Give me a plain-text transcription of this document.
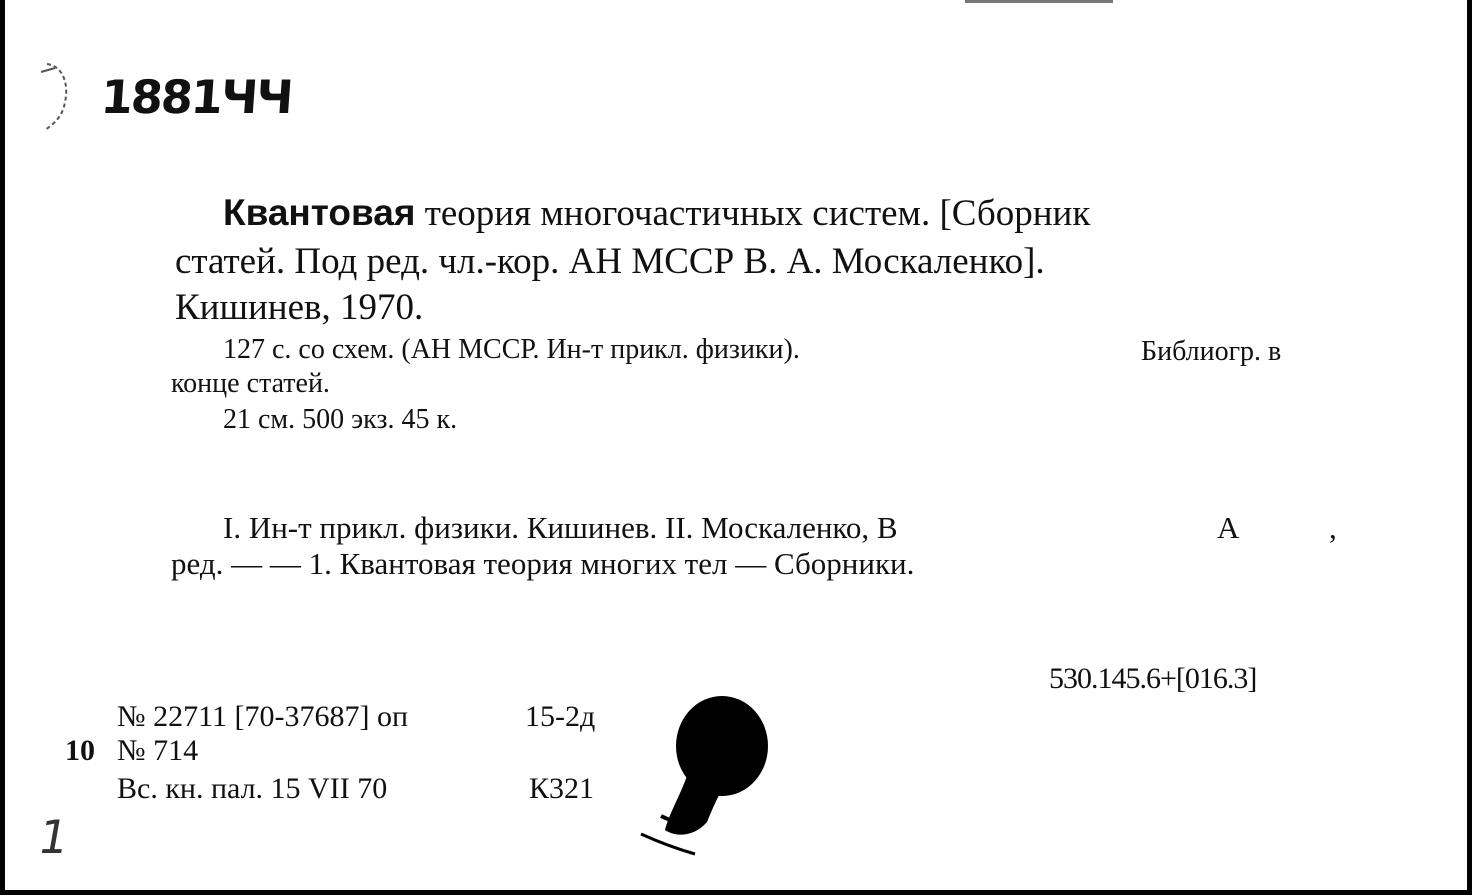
1881ЧЧ

Квантовая теория многочастичных систем. [Сборник

статей. Под ред. чл.-кор. АН МССР В. А. Москаленко].

Кишинев, 1970.

127 с. со схем. (АН МССР. Ин-т прикл. физики).	Библиогр. в

конце статей.

21 см. 500 экз. 45 к.

I. Ин-т прикл. физики. Кишинев. II. Москаленко, В	А	,

ред. — — 1. Квантовая теория многих тел — Сборники.

530.145.6+[016.3]

№ 22711 [70-37687] оп	15-2д

10 № 714

Вс. кн. пал. 15 VII 70	К321

1
